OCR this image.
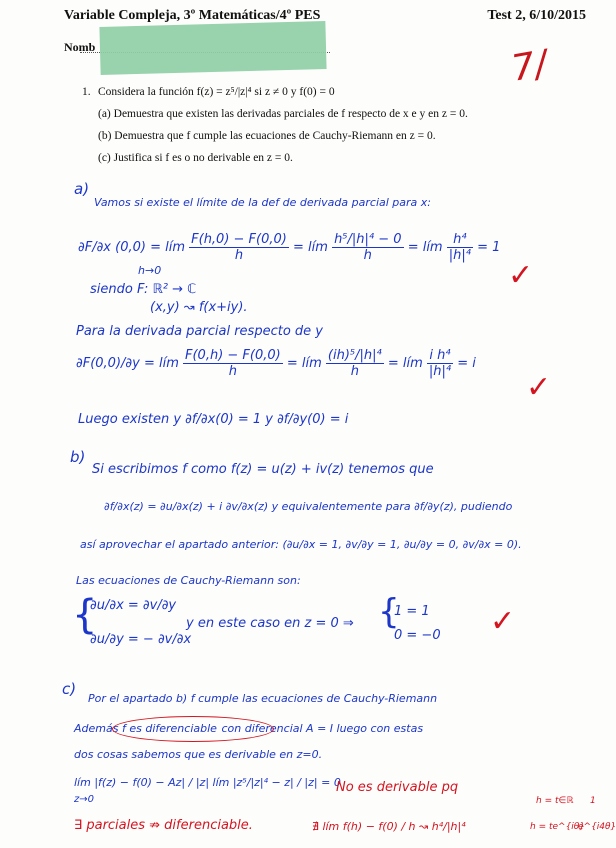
Variable Compleja, 3º Matemáticas/4º PES	Test 2, 6/10/2015
Nomb	7/
1. Considera la función f(z) = z⁵/|z|⁴ si z ≠ 0 y f(0) = 0
(a) Demuestra que existen las derivadas parciales de f respecto de x e y en z = 0.
(b) Demuestra que f cumple las ecuaciones de Cauchy-Riemann en z = 0.
(c) Justifica si f es o no derivable en z = 0.
a)
Vamos si existe el límite de la def de derivada parcial para x:
∂F/∂x (0,0) = lím $\frac{F(h,0) - F(0,0)}{h}$ = lím $\frac{\text{h⁵/|h|⁴ − 0}}{h}$ = lím $\frac{\text{h⁴}}{\text{|h|⁴}} = 1$
h→0
siendo F: ℝ² → ℂ
(x,y) ↝ f(x+iy).
✓
Para la derivada parcial respecto de y
∂F(0,0)/∂y = lím $\frac{F(0,h) - F(0,0)}{h}$ = lím $\frac{\text{(ih)⁵/|h|⁴}}{h}$ = lím $\frac{\text{i h⁴}}{\text{|h|⁴}} = i$
✓
Luego existen y ∂f/∂x(0) = 1 y ∂f/∂y(0) = i
b)
Si escribimos f como f(z) = u(z) + iv(z) tenemos que
∂f/∂x(z) = ∂u/∂x(z) + i ∂v/∂x(z) y equivalentemente para ∂f/∂y(z), pudiendo
así aprovechar el apartado anterior: (∂u/∂x = 1, ∂v/∂y = 1, ∂u/∂y = 0, ∂v/∂x = 0).
Las ecuaciones de Cauchy-Riemann son:
{
∂u/∂x = ∂v/∂y
∂u/∂y = − ∂v/∂x
y en este caso en z = 0 ⇒ {
1 = 1
0 = −0 ✓
c)
Por el apartado b) f cumple las ecuaciones de Cauchy-Riemann
Además f es diferenciable con diferencial A = I luego con estas
dos cosas sabemos que es derivable en z=0.
lím |f(z) − f(0) − Az| / |z| lím |z⁵/|z|⁴ − z| / |z| = 0
z→0
No es derivable pq
∃ parciales ⇏ diferenciable.	∄ lím f(h) − f(0) / h ↝ h⁴/|h|⁴
h = t∈ℝ 1
h = te^{iθ}
e^{i4θ}
